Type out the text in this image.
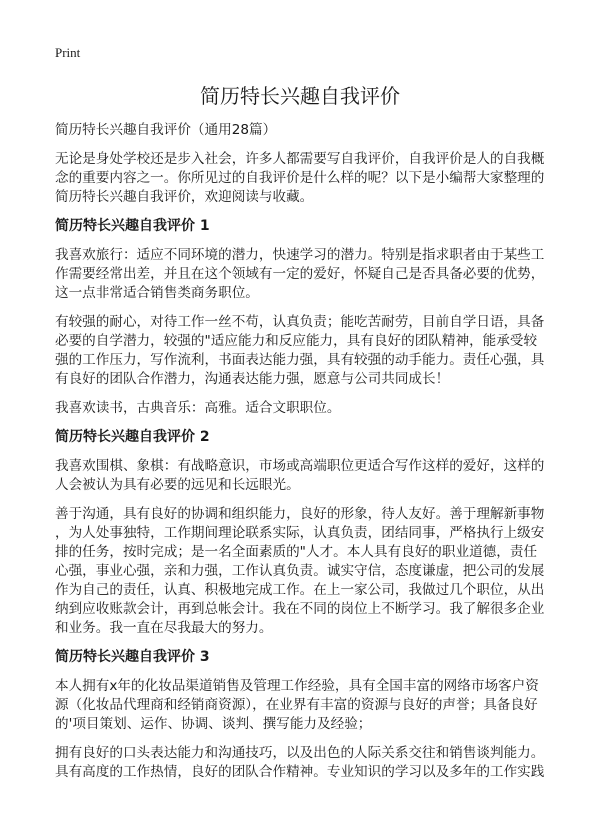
Print
简历特长兴趣自我评价
简历特长兴趣自我评价（通用28篇）
无论是身处学校还是步入社会，许多人都需要写自我评价，自我评价是人的自我概
念的重要内容之一。你所见过的自我评价是什么样的呢？以下是小编帮大家整理的
简历特长兴趣自我评价，欢迎阅读与收藏。
简历特长兴趣自我评价 1
我喜欢旅行：适应不同环境的潜力，快速学习的潜力。特别是指求职者由于某些工
作需要经常出差，并且在这个领域有一定的爱好，怀疑自己是否具备必要的优势，
这一点非常适合销售类商务职位。
有较强的耐心，对待工作一丝不苟，认真负责；能吃苦耐劳，目前自学日语，具备
必要的自学潜力，较强的"适应能力和反应能力，具有良好的团队精神，能承受较
强的工作压力，写作流利，书面表达能力强，具有较强的动手能力。责任心强，具
有良好的团队合作潜力，沟通表达能力强，愿意与公司共同成长！
我喜欢读书，古典音乐：高雅。适合文职职位。
简历特长兴趣自我评价 2
我喜欢围棋、象棋：有战略意识，市场或高端职位更适合写作这样的爱好，这样的
人会被认为具有必要的远见和长远眼光。
善于沟通，具有良好的协调和组织能力，良好的形象，待人友好。善于理解新事物
，为人处事独特，工作期间理论联系实际，认真负责，团结同事，严格执行上级安
排的任务，按时完成；是一名全面素质的"人才。本人具有良好的职业道德，责任
心强，事业心强，亲和力强，工作认真负责。诚实守信，态度谦虚，把公司的发展
作为自己的责任，认真、积极地完成工作。在上一家公司，我做过几个职位，从出
纳到应收账款会计，再到总帐会计。我在不同的岗位上不断学习。我了解很多企业
和业务。我一直在尽我最大的努力。
简历特长兴趣自我评价 3
本人拥有x年的化妆品渠道销售及管理工作经验，具有全国丰富的网络市场客户资
源（化妆品代理商和经销商资源），在业界有丰富的资源与良好的声誉；具备良好
的'项目策划、运作、协调、谈判、撰写能力及经验；
拥有良好的口头表达能力和沟通技巧，以及出色的人际关系交往和销售谈判能力。
具有高度的工作热情，良好的团队合作精神。专业知识的学习以及多年的工作实践
